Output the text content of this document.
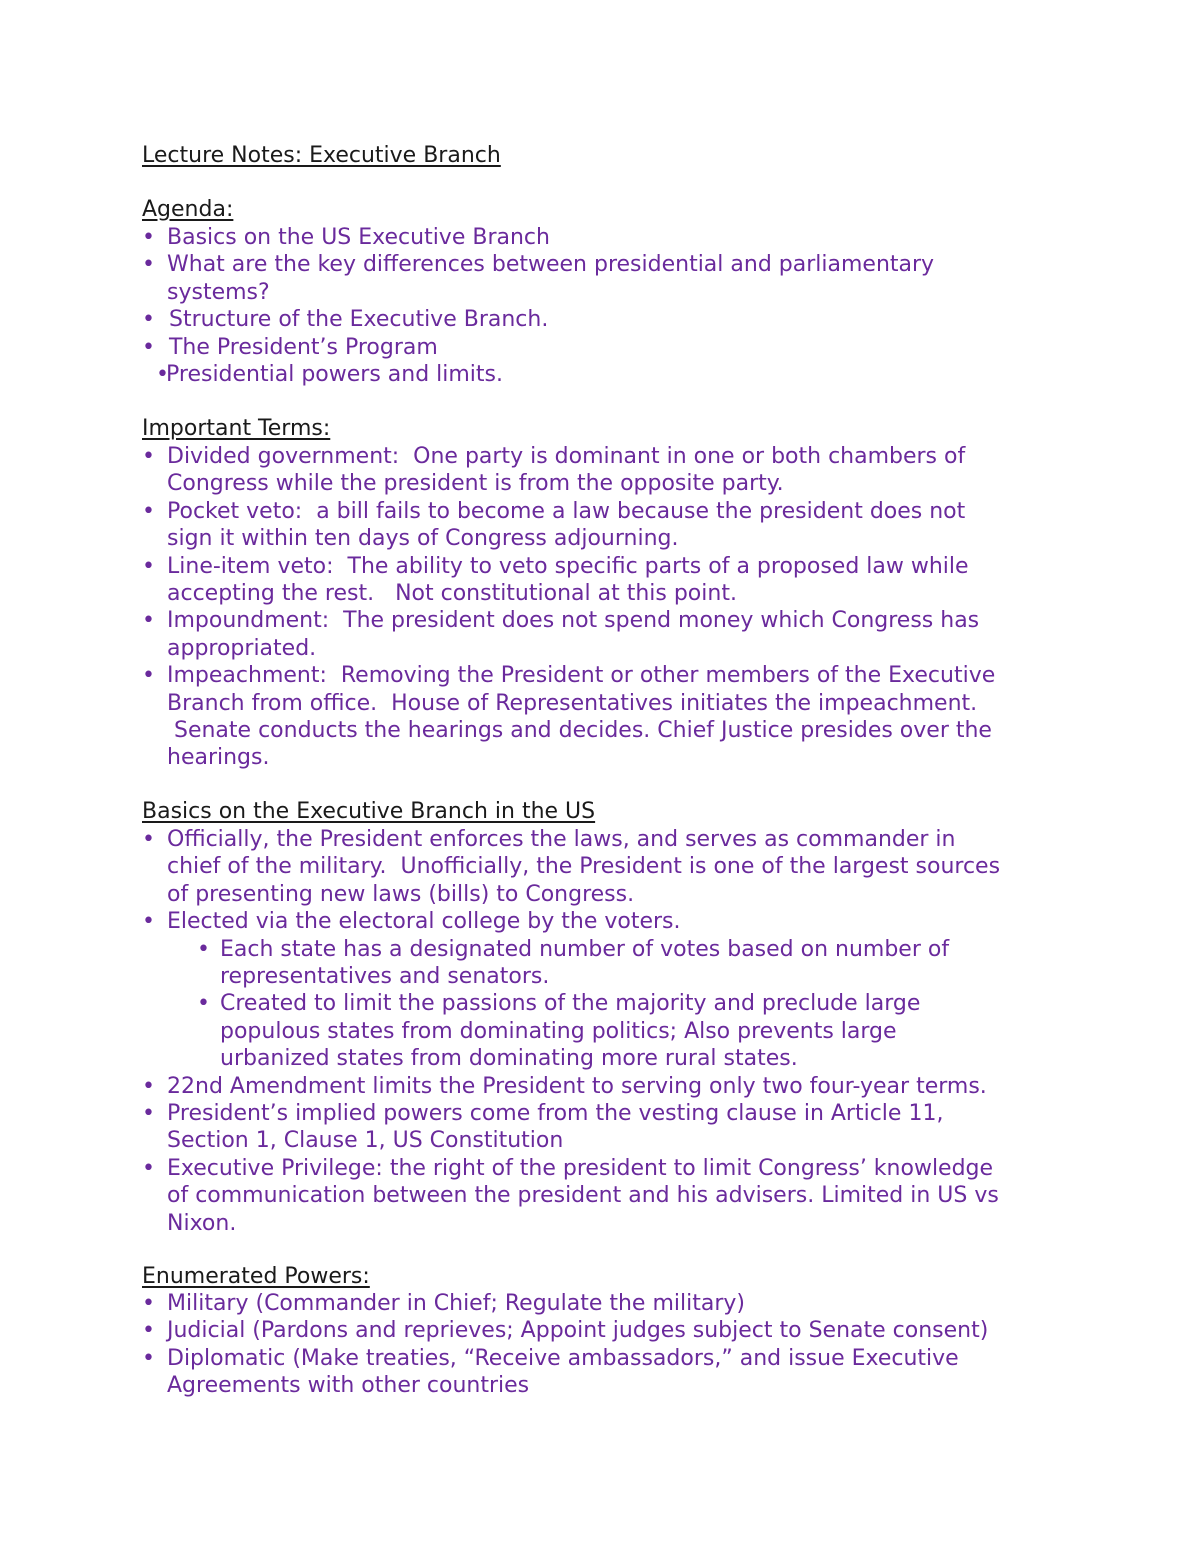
Lecture Notes: Executive Branch
Agenda:
• Basics on the US Executive Branch
• What are the key differences between presidential and parliamentary
systems?
• Structure of the Executive Branch.
• The President’s Program
•
Presidential powers and limits.
Important Terms:
• Divided government:  One party is dominant in one or both chambers of
Congress while the president is from the opposite party.
• Pocket veto:  a bill fails to become a law because the president does not
sign it within ten days of Congress adjourning.
• Line-item veto:  The ability to veto specific parts of a proposed law while
accepting the rest.   Not constitutional at this point.
• Impoundment:  The president does not spend money which Congress has
appropriated.
• Impeachment:  Removing the President or other members of the Executive
Branch from office.  House of Representatives initiates the impeachment.
Senate conducts the hearings and decides. Chief Justice presides over the
hearings.
Basics on the Executive Branch in the US
• Officially, the President enforces the laws, and serves as commander in
chief of the military.  Unofficially, the President is one of the largest sources
of presenting new laws (bills) to Congress.
• Elected via the electoral college by the voters.
• Each state has a designated number of votes based on number of
representatives and senators.
• Created to limit the passions of the majority and preclude large
populous states from dominating politics; Also prevents large
urbanized states from dominating more rural states.
• 22nd Amendment limits the President to serving only two four-year terms.
• President’s implied powers come from the vesting clause in Article 11,
Section 1, Clause 1, US Constitution
• Executive Privilege: the right of the president to limit Congress’ knowledge
of communication between the president and his advisers. Limited in US vs
Nixon.
Enumerated Powers:
• Military (Commander in Chief; Regulate the military)
• Judicial (Pardons and reprieves; Appoint judges subject to Senate consent)
• Diplomatic (Make treaties, “Receive ambassadors,” and issue Executive
Agreements with other countries
